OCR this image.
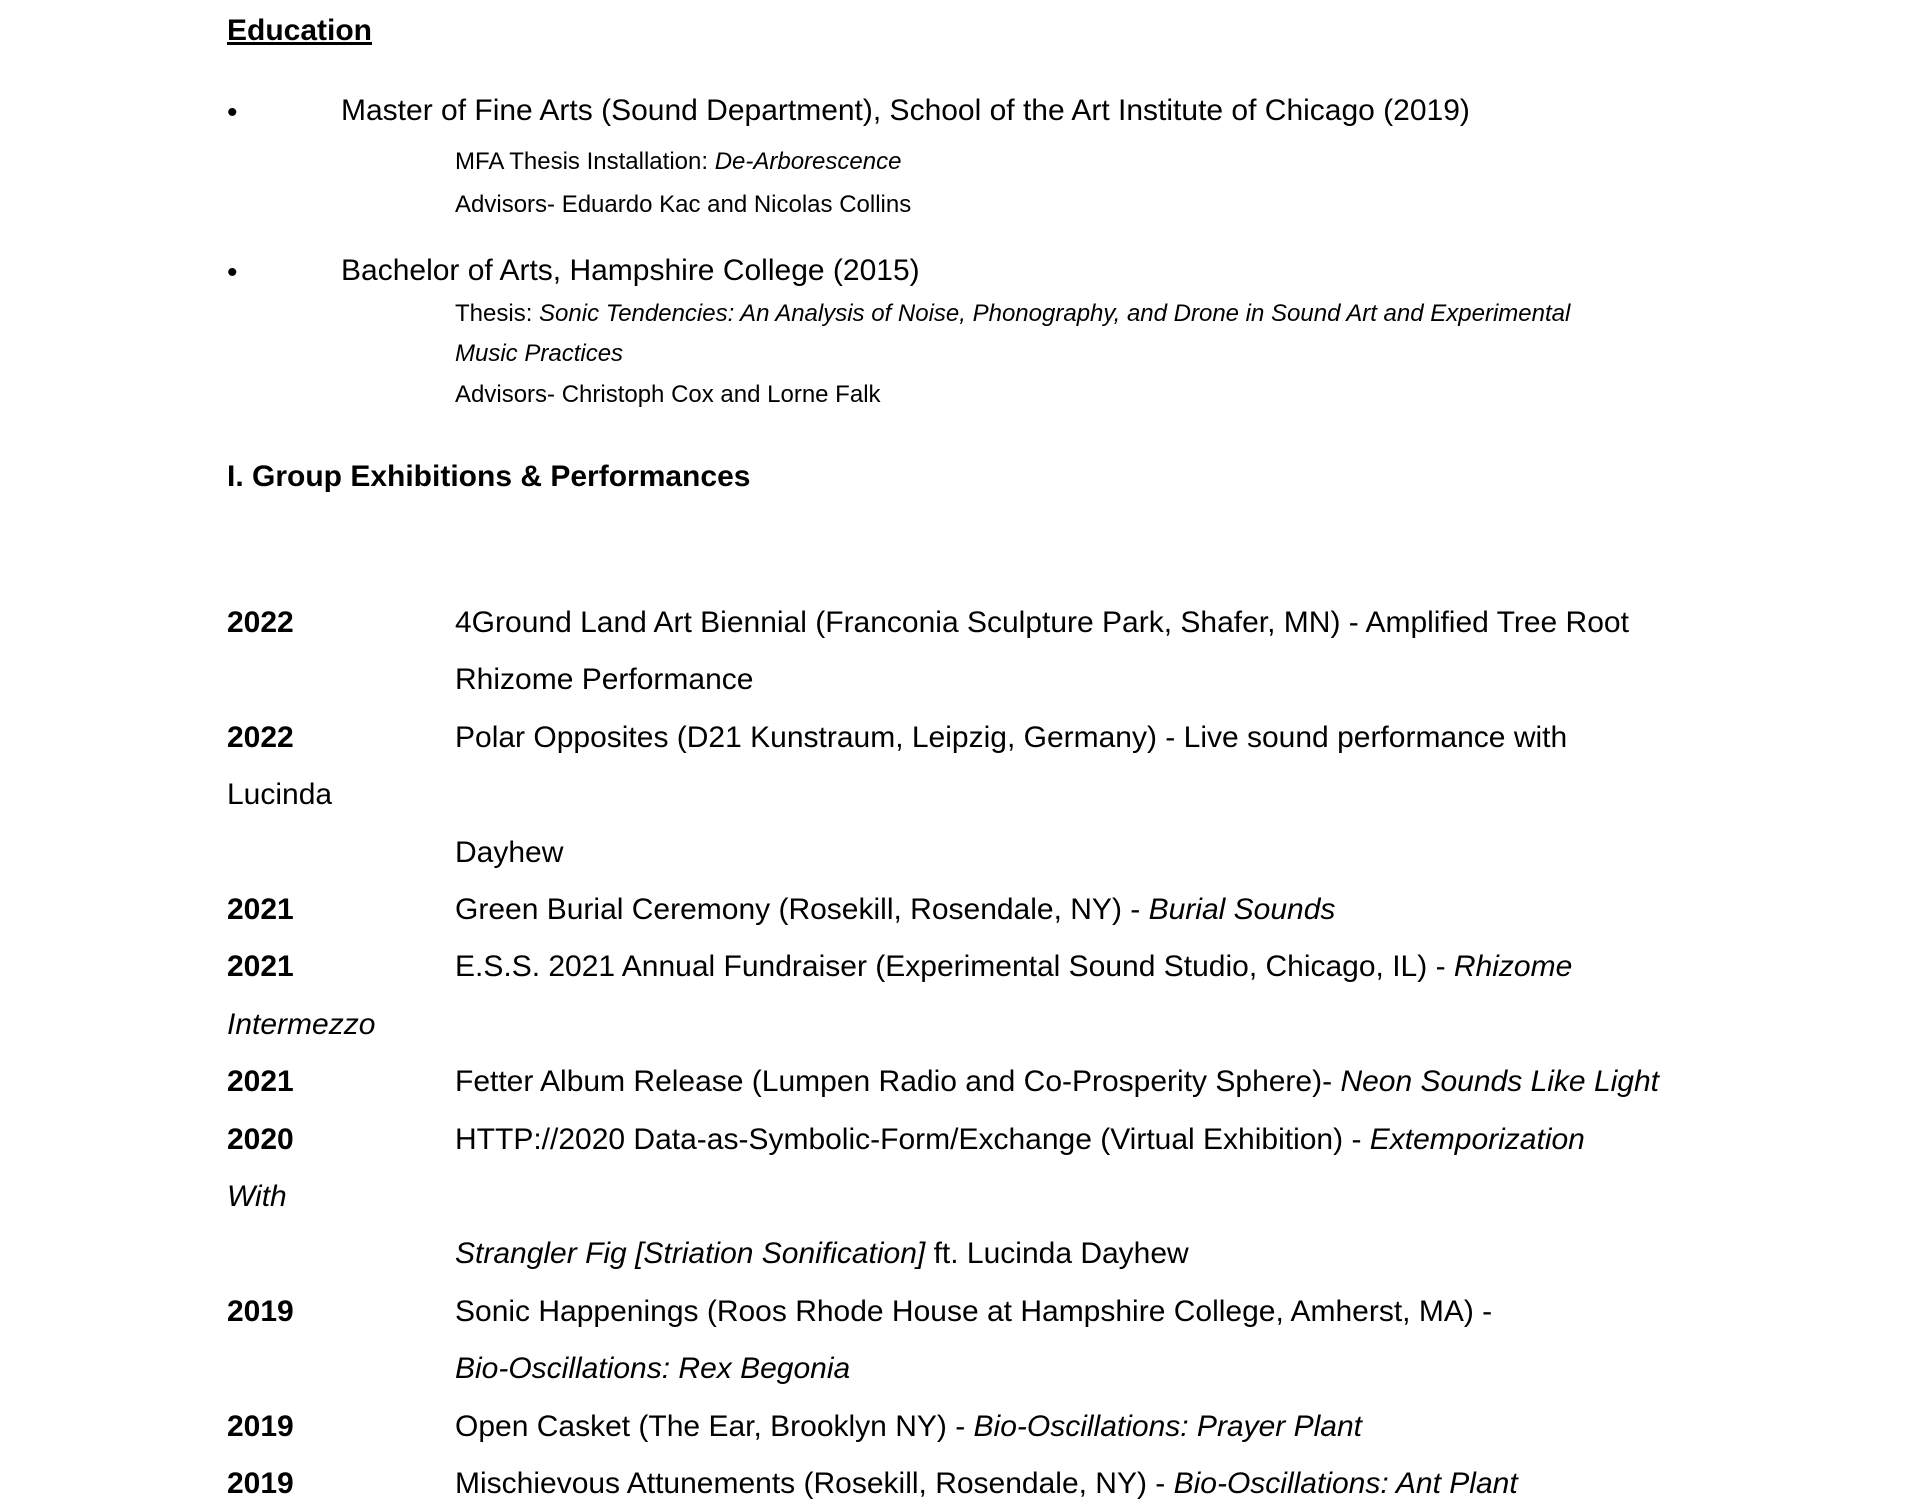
Education
•	Master of Fine Arts (Sound Department), School of the Art Institute of Chicago (2019)
MFA Thesis Installation: De-Arborescence
Advisors- Eduardo Kac and Nicolas Collins
•	Bachelor of Arts, Hampshire College (2015)
Thesis: Sonic Tendencies: An Analysis of Noise, Phonography, and Drone in Sound Art and Experimental
Music Practices
Advisors- Christoph Cox and Lorne Falk
I. Group Exhibitions & Performances
2022	4Ground Land Art Biennial (Franconia Sculpture Park, Shafer, MN) - Amplified Tree Root
Rhizome Performance
2022	Polar Opposites (D21 Kunstraum, Leipzig, Germany) - Live sound performance with
Lucinda
Dayhew
2021	Green Burial Ceremony (Rosekill, Rosendale, NY) - Burial Sounds
2021	E.S.S. 2021 Annual Fundraiser (Experimental Sound Studio, Chicago, IL) - Rhizome
Intermezzo
2021	Fetter Album Release (Lumpen Radio and Co-Prosperity Sphere)- Neon Sounds Like Light
2020	HTTP://2020 Data-as-Symbolic-Form/Exchange (Virtual Exhibition) - Extemporization
With
Strangler Fig [Striation Sonification] ft. Lucinda Dayhew
2019	Sonic Happenings (Roos Rhode House at Hampshire College, Amherst, MA) -
Bio-Oscillations: Rex Begonia
2019	Open Casket (The Ear, Brooklyn NY) - Bio-Oscillations: Prayer Plant
2019	Mischievous Attunements (Rosekill, Rosendale, NY) - Bio-Oscillations: Ant Plant
